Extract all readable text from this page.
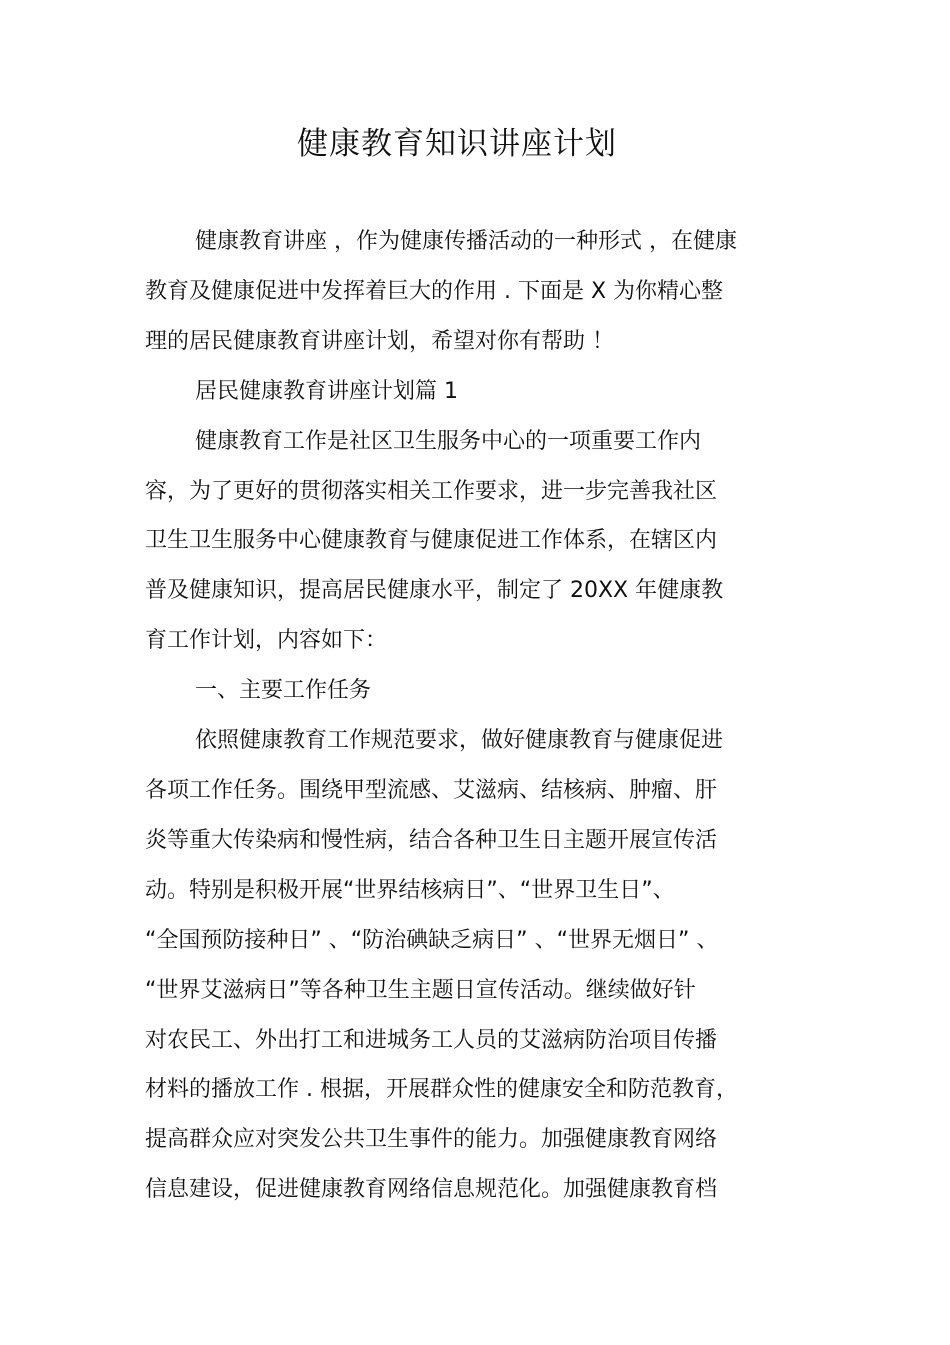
健康教育知识讲座计划
健康教育讲座 ，作为健康传播活动的一种形式 ，在健康
教育及健康促进中发挥着巨大的作用 . 下面是 X 为你精心整
理的居民健康教育讲座计划，希望对你有帮助 ！
居民健康教育讲座计划篇 1
健康教育工作是社区卫生服务中心的一项重要工作内
容，为了更好的贯彻落实相关工作要求，进一步完善我社区
卫生卫生服务中心健康教育与健康促进工作体系，在辖区内
普及健康知识，提高居民健康水平，制定了 20XX 年健康教
育工作计划，内容如下：
一、主要工作任务
依照健康教育工作规范要求，做好健康教育与健康促进
各项工作任务。围绕甲型流感、艾滋病、结核病、肿瘤、肝
炎等重大传染病和慢性病，结合各种卫生日主题开展宣传活
动。特别是积极开展“世界结核病日”、“世界卫生日”、
“全国预防接种日” 、“防治碘缺乏病日” 、“世界无烟日” 、
“世界艾滋病日”等各种卫生主题日宣传活动。继续做好针
对农民工、外出打工和进城务工人员的艾滋病防治项目传播
材料的播放工作 . 根据，开展群众性的健康安全和防范教育，
提高群众应对突发公共卫生事件的能力。加强健康教育网络
信息建设，促进健康教育网络信息规范化。加强健康教育档
